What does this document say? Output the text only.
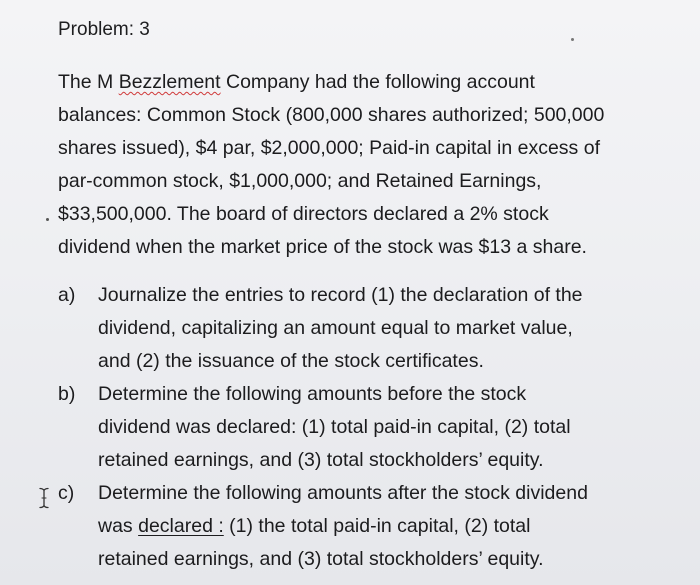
Problem: 3
The M Bezzlement Company had the following account
balances: Common Stock (800,000 shares authorized; 500,000
shares issued), $4 par, $2,000,000; Paid-in capital in excess of
par-common stock, $1,000,000; and Retained Earnings,
$33,500,000. The board of directors declared a 2% stock
dividend when the market price of the stock was $13 a share.
a) Journalize the entries to record (1) the declaration of the
dividend, capitalizing an amount equal to market value,
and (2) the issuance of the stock certificates.
b) Determine the following amounts before the stock
dividend was declared: (1) total paid-in capital, (2) total
retained earnings, and (3) total stockholders’ equity.
c) Determine the following amounts after the stock dividend
was declared : (1) the total paid-in capital, (2) total
retained earnings, and (3) total stockholders’ equity.
